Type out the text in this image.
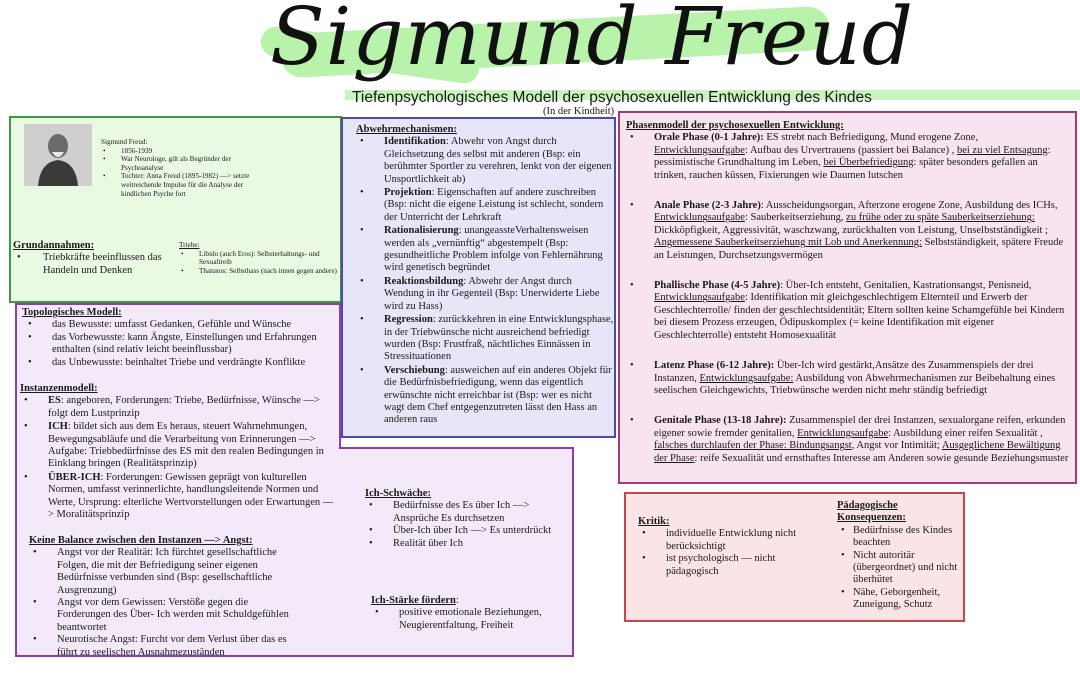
Sigmund Freud
Tiefenpsychologisches Modell der psychosexuellen Entwicklung des Kindes
(In der Kindheit)
Sigmund Freud:
• 1856-1939
• War Neurologe, gilt als Begründer der Psychoanalyse
• Tochter: Anna Freud (1895-1982) —> setzte weitreichende Impulse für die Analyse der kindlichen Psyche fort
Grundannahmen:
• Triebkräfte beeinflussen das Handeln und Denken
Triebe:
• Libido (auch Eros): Selbsterhaltungs- und Sexualtreib
• Thanatos: Selbsthass (nach innen gegen andere)
Topologisches Modell:
• das Bewusste: umfasst Gedanken, Gefühle und Wünsche
• das Vorbewusste: kann Ängste, Einstellungen und Erfahrungen enthalten (sind relativ leicht beeinflussbar)
• das Unbewusste: beinhaltet Triebe und verdrängte Konflikte
Instanzenmodell:
• ES: angeboren, Forderungen: Triebe, Bedürfnisse, Wünsche —> folgt dem Lustprinzip
• ICH: bildet sich aus dem Es heraus, steuert Wahrnehmungen, Bewegungsabläufe und die Verarbeitung von Erinnerungen —> Aufgabe: Triebbedürfnisse des ES mit den realen Bedingungen in Einklang bringen (Realitätsprinzip)
• ÜBER-ICH: Forderungen: Gewissen geprägt von kulturellen Normen, umfasst verinnerlichte, handlungsleitende Normen und Werte, Ursprung: elterliche Wertvorstellungen oder Erwartungen —> Moralitätsprinzip
Keine Balance zwischen den Instanzen —> Angst:
• Angst vor der Realität: Ich fürchtet gesellschaftliche Folgen, die mit der Befriedigung seiner eigenen Bedürfnisse verbunden sind (Bsp: gesellschaftliche Ausgrenzung)
• Angst vor dem Gewissen: Verstöße gegen die Forderungen des Über- Ich werden mit Schuldgefühlen beantwortet
• Neurotische Angst: Furcht vor dem Verlust über das es führt zu seelischen Ausnahmezuständen
Ich-Schwäche:
• Bedürfnisse des Es über Ich —> Ansprüche Es durchsetzen
• Über-Ich über Ich —> Es unterdrückt
• Realität über Ich
Ich-Stärke fördern:
• positive emotionale Beziehungen, Neugierentfaltung, Freiheit
Abwehrmechanismen:
• Identifikation: Abwehr von Angst durch Gleichsetzung des selbst mit anderen (Bsp: ein berühmter Sportler zu verehren, lenkt von der eigenen Unsportlichkeit ab)
• Projektion: Eigenschaften auf andere zuschreiben (Bsp: nicht die eigene Leistung ist schlecht, sondern der Unterricht der Lehrkraft
• Rationalisierung: unangeassteVerhaltensweisen werden als „vernünftig“ abgestempelt (Bsp: gesundheitliche Problem infolge von Fehlernährung wird genetisch begründet
• Reaktionsbildung: Abwehr der Angst durch Wendung in ihr Gegenteil (Bsp: Unerwiderte Liebe wird zu Hass)
• Regression: zurückkehren in eine Entwicklungsphase, in der Triebwünsche nicht ausreichend befriedigt wurden (Bsp: Frustfraß, nächtliches Einnässen in Stressituationen
• Verschiebung: ausweichen auf ein anderes Objekt für die Bedürfnisbefriedigung, wenn das eigentlich erwünschte nicht erreichbar ist (Bsp: wer es nicht wagt dem Chef entgegenzutreten lässt den Hass an anderen raus
Phasenmodell der psychosexuellen Entwicklung:
• Orale Phase (0-1 Jahre): ES strebt nach Befriedigung, Mund erogene Zone, Entwicklungsaufgabe: Aufbau des Urvertrauens (passiert bei Balance) , bei zu viel Entsagung: pessimistische Grundhaltung im Leben, bei Überbefriedigung: später besonders gefallen an trinken, rauchen küssen, Fixierungen wie Daumen lutschen
• Anale Phase (2-3 Jahre): Ausscheidungsorgan, Afterzone erogene Zone, Ausbildung des ICHs, Entwicklungsaufgabe: Sauberkeitserziehung, zu frühe oder zu späte Sauberkeitserziehung: Dickköpfigkeit, Aggressivität, waschzwang, zurückhalten von Leistung, Unselbstständigkeit ; Angemessene Sauberkeitserziehung mit Lob und Anerkennung: Selbstständigkeit, spätere Freude an Leistungen, Durchsetzungsvermögen
• Phallische Phase (4-5 Jahre): Über-Ich entsteht, Genitalien, Kastrationsangst, Penisneid, Entwicklungsaufgabe: Identifikation mit gleichgeschlechtigem Elternteil und Erwerb der Geschlechterrolle/ finden der geschlechtsidentität; Eltern sollten keine Schamgefühle bei Kindern bei diesem Prozess erzeugen, Ödipuskomplex (= keine Identifikation mit eigener Geschlechterrolle) entsteht Homosexualität
• Latenz Phase (6-12 Jahre): Über-Ich wird gestärkt,Ansätze des Zusammenspiels der drei Instanzen, Entwicklungsaufgabe: Ausbildung von Abwehrmechanismen zur Beibehaltung eines seelischen Gleichgewichts, Triebwünsche werden nicht mehr ständig befriedigt
• Genitale Phase (13-18 Jahre): Zusammenspiel der drei Instanzen, sexualorgane reifen, erkunden eigener sowie fremder genitalien, Entwicklungsaufgabe: Ausbildung einer reifen Sexualität , falsches durchlaufen der Phase: Bindungsangst, Angst vor Intimität; Ausgeglichene Bewältigung der Phase: reife Sexualität und ernsthaftes Interesse am Anderen sowie gesunde Beziehungsmuster
Kritik:
• individuelle Entwicklung nicht berücksichtigt
• ist psychologisch — nicht pädagogisch
Pädagogische Konsequenzen:
• Bedürfnisse des Kindes beachten
• Nicht autoritär (übergeordnet) und nicht überhütet
• Nähe, Geborgenheit, Zuneigung, Schutz
